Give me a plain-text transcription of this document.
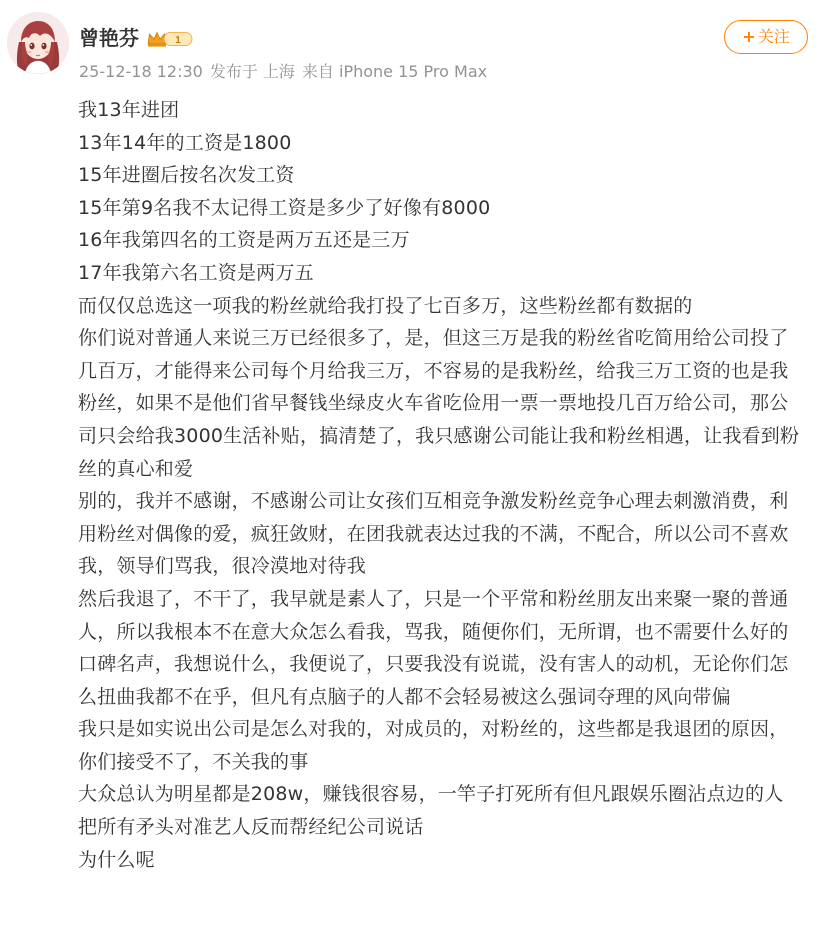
曾艳芬	1
25-12-18 12:30 发布于 上海 来自 iPhone 15 Pro Max
+ 关注

我13年进团

13年14年的工资是1800

15年进圈后按名次发工资

15年第9名我不太记得工资是多少了好像有8000

16年我第四名的工资是两万五还是三万

17年我第六名工资是两万五

而仅仅总选这一项我的粉丝就给我打投了七百多万，这些粉丝都有数据的

你们说对普通人来说三万已经很多了，是，但这三万是我的粉丝省吃简用给公司投了几百万，才能得来公司每个月给我三万，不容易的是我粉丝，给我三万工资的也是我粉丝，如果不是他们省早餐钱坐绿皮火车省吃俭用一票一票地投几百万给公司，那公司只会给我3000生活补贴，搞清楚了，我只感谢公司能让我和粉丝相遇，让我看到粉丝的真心和爱

别的，我并不感谢，不感谢公司让女孩们互相竞争激发粉丝竞争心理去刺激消费，利用粉丝对偶像的爱，疯狂敛财，在团我就表达过我的不满，不配合，所以公司不喜欢我，领导们骂我，很冷漠地对待我

然后我退了，不干了，我早就是素人了，只是一个平常和粉丝朋友出来聚一聚的普通人，所以我根本不在意大众怎么看我，骂我，随便你们，无所谓，也不需要什么好的口碑名声，我想说什么，我便说了，只要我没有说谎，没有害人的动机，无论你们怎么扭曲我都不在乎，但凡有点脑子的人都不会轻易被这么强词夺理的风向带偏

我只是如实说出公司是怎么对我的，对成员的，对粉丝的，这些都是我退团的原因，你们接受不了，不关我的事

大众总认为明星都是208w，赚钱很容易，一竿子打死所有但凡跟娱乐圈沾点边的人

把所有矛头对准艺人反而帮经纪公司说话

为什么呢
